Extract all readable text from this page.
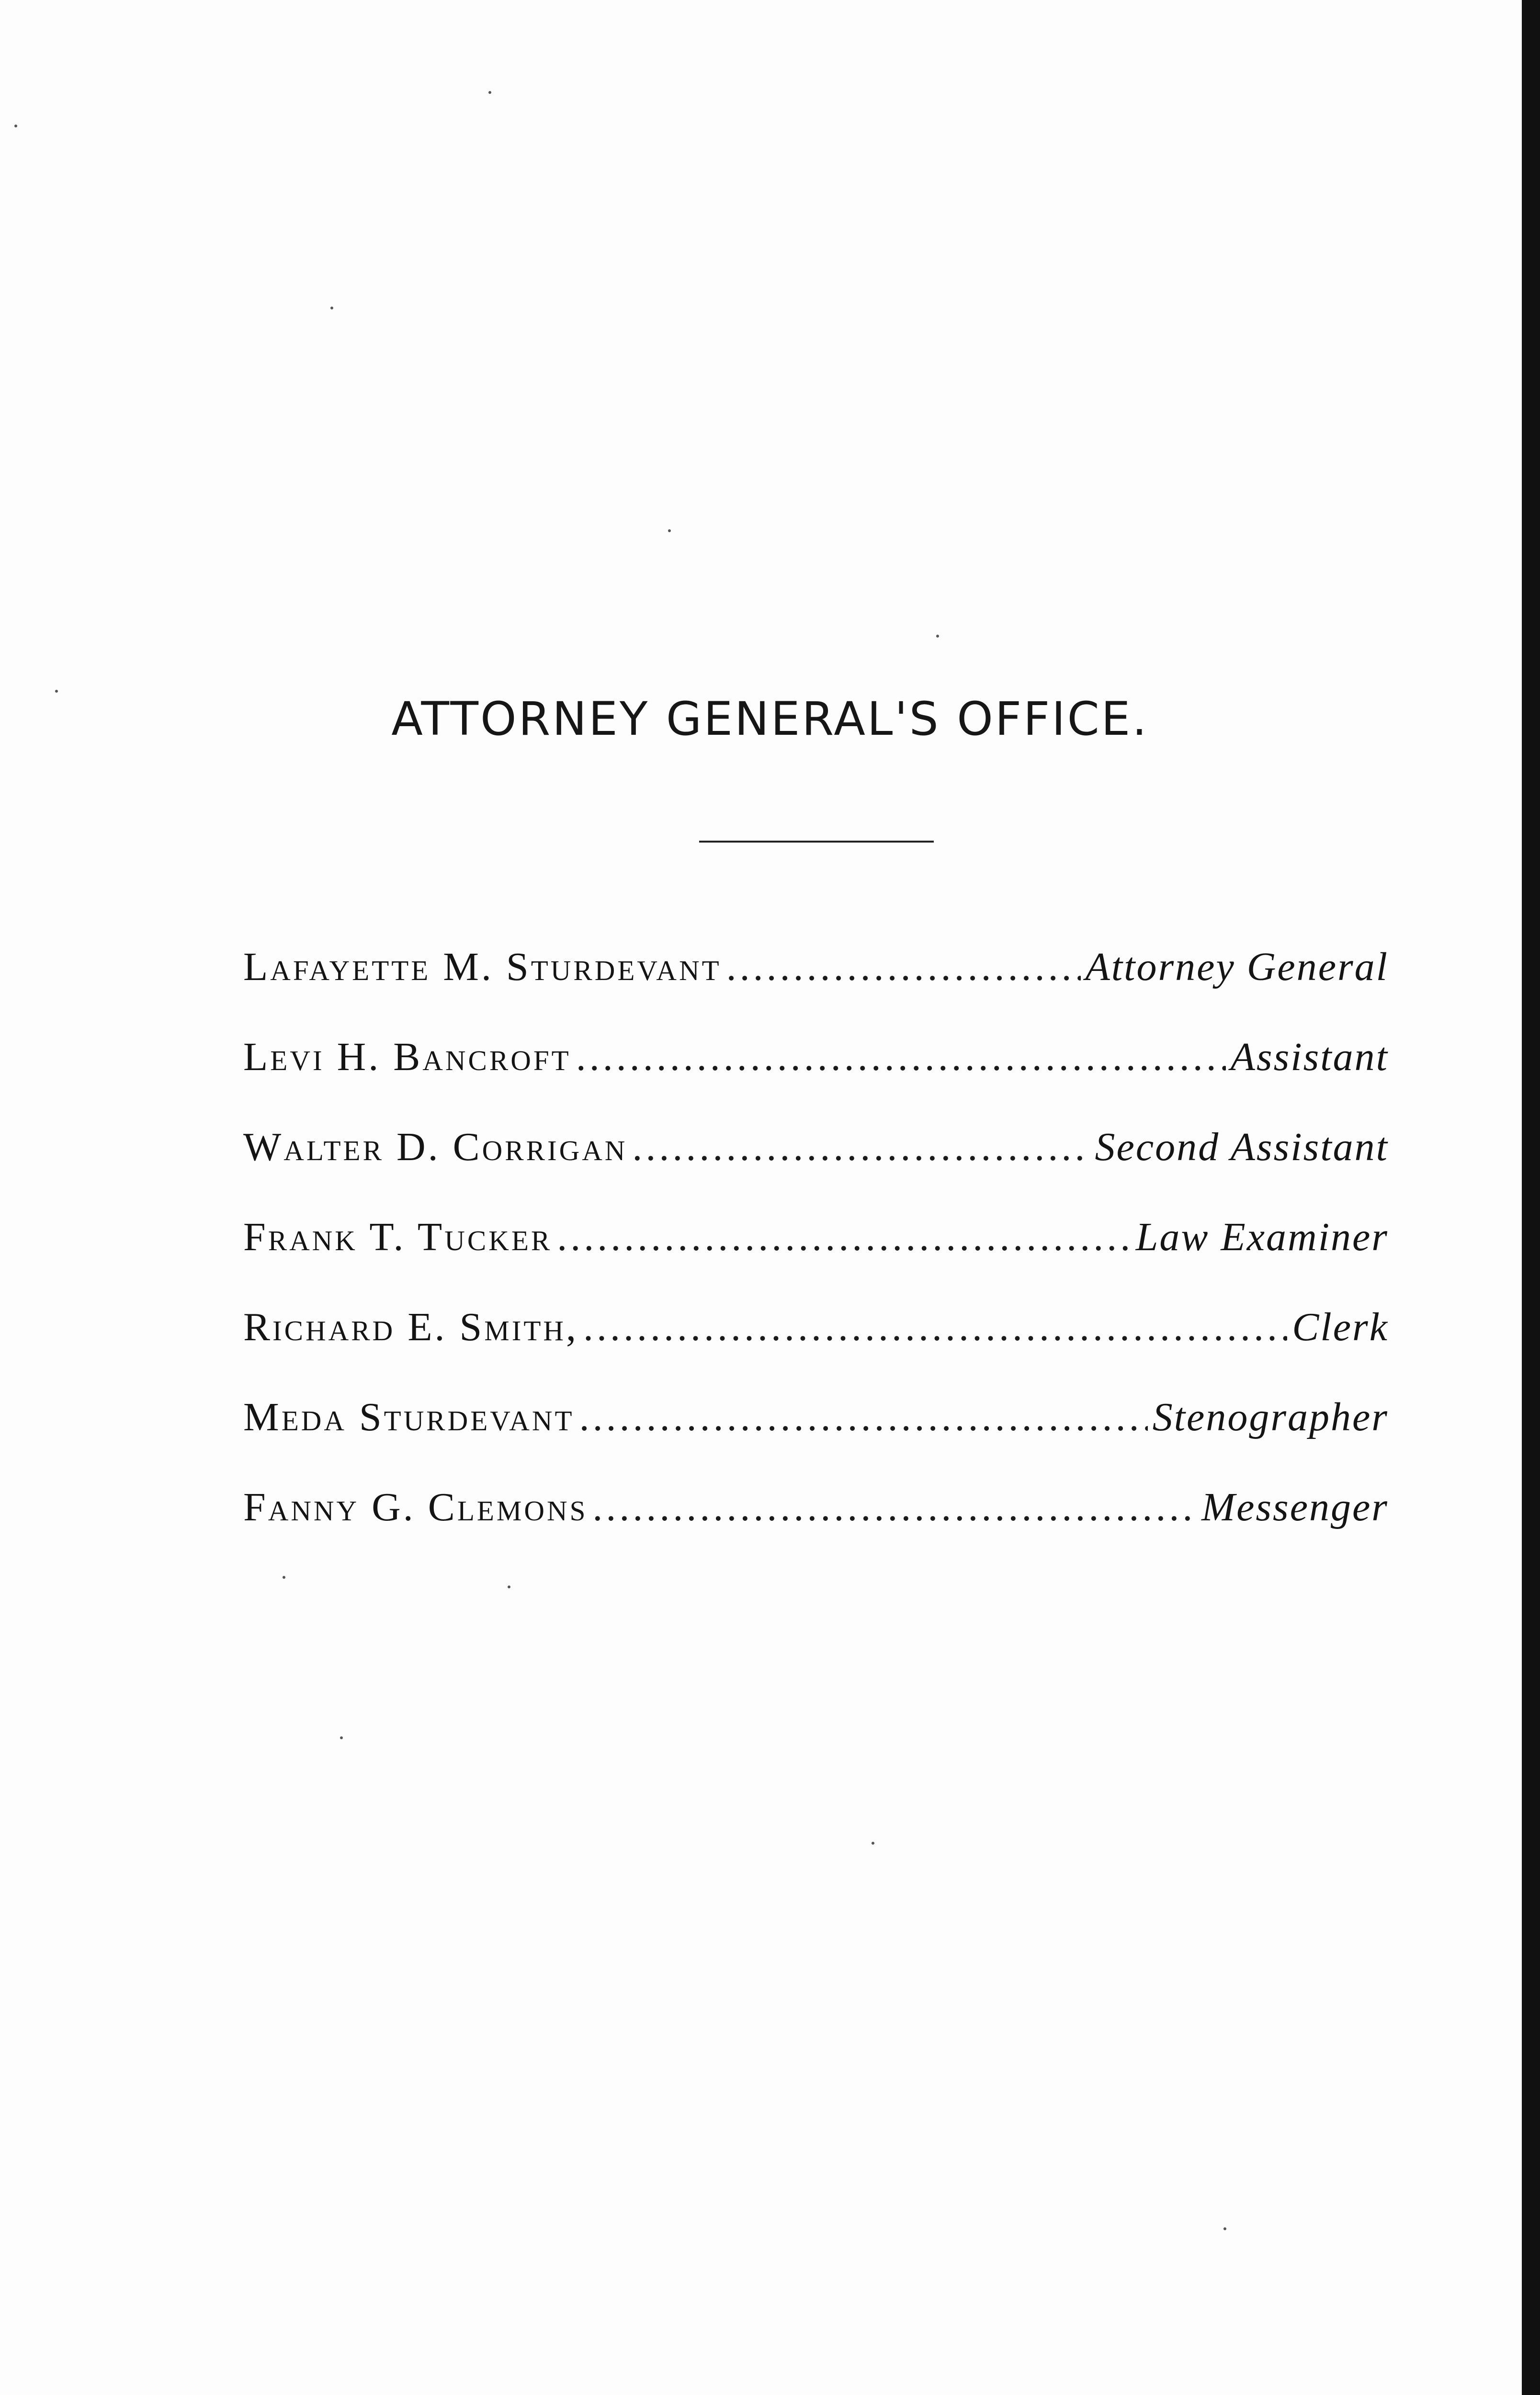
ATTORNEY GENERAL'S OFFICE.
Lafayette M. Sturdevant . . .	Attorney General
Levi H. Bancroft . . .	Assistant
Walter D. Corrigan . . .	Second Assistant
Frank T. Tucker . . .	Law Examiner
Richard E. Smith, . . .	Clerk
Meda Sturdevant . . .	Stenographer
Fanny G. Clemons . . .	Messenger
